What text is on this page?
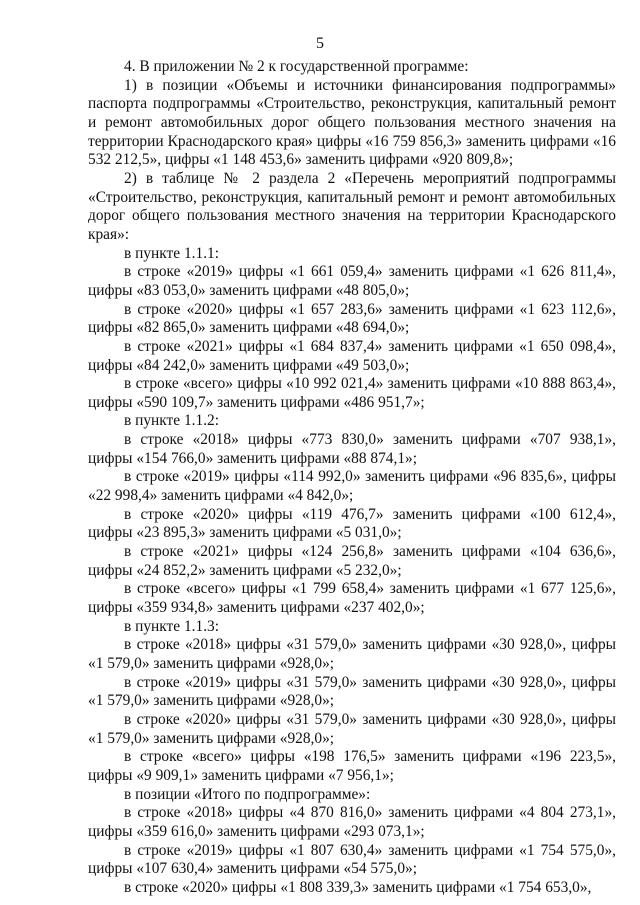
5

4. В приложении № 2 к государственной программе:

1) в позиции «Объемы и источники финансирования подпрограммы» паспорта подпрограммы «Строительство, реконструкция, капитальный ремонт и ремонт автомобильных дорог общего пользования местного значения на территории Краснодарского края» цифры «16 759 856,3» заменить цифрами «16 532 212,5», цифры «1 148 453,6» заменить цифрами «920 809,8»;

2) в таблице № 2 раздела 2 «Перечень мероприятий подпрограммы «Строительство, реконструкция, капитальный ремонт и ремонт автомобильных дорог общего пользования местного значения на территории Краснодарского края»:

в пункте 1.1.1:

в строке «2019» цифры «1 661 059,4» заменить цифрами «1 626 811,4», цифры «83 053,0» заменить цифрами «48 805,0»;

в строке «2020» цифры «1 657 283,6» заменить цифрами «1 623 112,6», цифры «82 865,0» заменить цифрами «48 694,0»;

в строке «2021» цифры «1 684 837,4» заменить цифрами «1 650 098,4», цифры «84 242,0» заменить цифрами «49 503,0»;

в строке «всего» цифры «10 992 021,4» заменить цифрами «10 888 863,4», цифры «590 109,7» заменить цифрами «486 951,7»;

в пункте 1.1.2:

в строке «2018» цифры «773 830,0» заменить цифрами «707 938,1», цифры «154 766,0» заменить цифрами «88 874,1»;

в строке «2019» цифры «114 992,0» заменить цифрами «96 835,6», цифры «22 998,4» заменить цифрами «4 842,0»;

в строке «2020» цифры «119 476,7» заменить цифрами «100 612,4», цифры «23 895,3» заменить цифрами «5 031,0»;

в строке «2021» цифры «124 256,8» заменить цифрами «104 636,6», цифры «24 852,2» заменить цифрами «5 232,0»;

в строке «всего» цифры «1 799 658,4» заменить цифрами «1 677 125,6», цифры «359 934,8» заменить цифрами «237 402,0»;

в пункте 1.1.3:

в строке «2018» цифры «31 579,0» заменить цифрами «30 928,0», цифры «1 579,0» заменить цифрами «928,0»;

в строке «2019» цифры «31 579,0» заменить цифрами «30 928,0», цифры «1 579,0» заменить цифрами «928,0»;

в строке «2020» цифры «31 579,0» заменить цифрами «30 928,0», цифры «1 579,0» заменить цифрами «928,0»;

в строке «всего» цифры «198 176,5» заменить цифрами «196 223,5», цифры «9 909,1» заменить цифрами «7 956,1»;

в позиции «Итого по подпрограмме»:

в строке «2018» цифры «4 870 816,0» заменить цифрами «4 804 273,1», цифры «359 616,0» заменить цифрами «293 073,1»;

в строке «2019» цифры «1 807 630,4» заменить цифрами «1 754 575,0», цифры «107 630,4» заменить цифрами «54 575,0»;

в строке «2020» цифры «1 808 339,3» заменить цифрами «1 754 653,0»,
